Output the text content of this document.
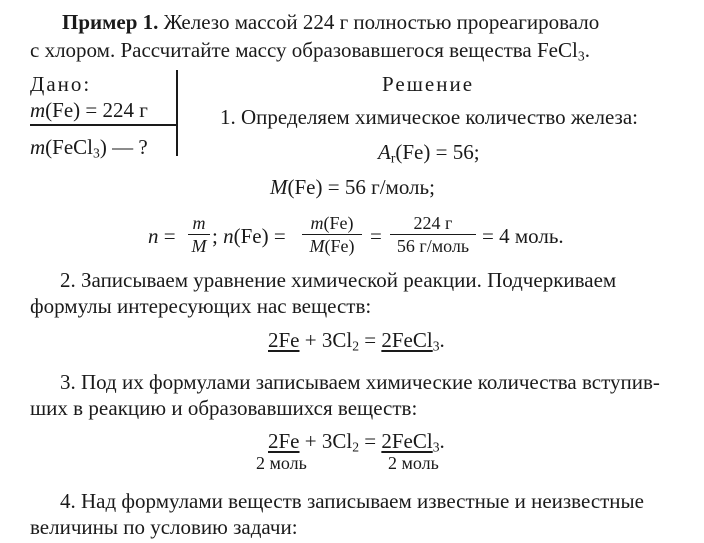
Пример 1. Железо массой 224 г полностью прореагировало
с хлором. Рассчитайте массу образовавшегося вещества FeCl$_3$.
Дано:
m(Fe) = 224 г
m(FeCl$_3$) — ?
Решение
1. Определяем химическое количество железа:
$A_r(Fe) = 56$;
M(Fe) = 56 г/моль;
n =
m
M ; n(Fe) =
m(Fe)
M(Fe) =
224 г
56 г/моль = 4 моль.
2. Записываем уравнение химической реакции. Подчеркиваем
формулы интересующих нас веществ:
$2Fe + 3Cl_2$ = 2FeCl$_3$.
3. Под их формулами записываем химические количества вступив-
ших в реакцию и образовавшихся веществ:
$2Fe + 3Cl_2$ = 2FeCl$_3$.
2 моль	2 моль
4. Над формулами веществ записываем известные и неизвестные
величины по условию задачи:
